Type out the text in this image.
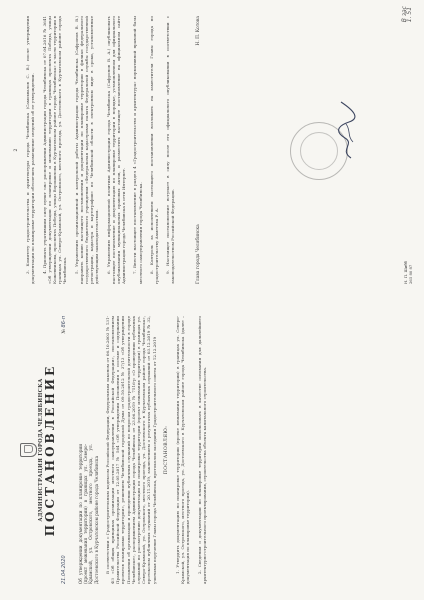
АДМИНИСТРАЦИЯ ГОРОДА ЧЕЛЯБИНСКА ПОСТАНОВЛЕНИЕ
21.04.2020
№ 86-п
Об утверждении документации по планировке территории (проект межевания территории) в границах ул. Северо-Крымской, ул. Островского, местного проезда, ул. Достоевского в Курчатовском районе города Челябинска В соответствии с Градостроительным кодексом Российской Федерации, Федеральным законом от 06.10.2003 № 131-ФЗ «Об общих принципах организации местного самоуправления в Российской Федерации», постановлением Правительства Российской Федерации от 12.05.2017 № 564 «Об утверждении Положения о составе и содержании проектов планировки территории», решением Челябинской городской Думы от 09.10.2012 № 37/13 «Об утверждении Положения об организации и проведении публичных слушаний по вопросам градостроительной деятельности в городе Челябинске», распоряжением Администрации города Челябинска от 23.06.2019 № 7516-р «О проведении публичных слушаний по рассмотрению документации по планировке территории (проект межевания территории) в границах ул. Северо-Крымской, ул. Островского, местного проезда, ул. Достоевского в Курчатовском районе города Челябинска», протоколом публичных слушаний от 20.11.2019, заключением о результатах публичных слушаний от 03.12.2019 № 32, учитывая поручение Главы города Челябинска, протоколом заседания Градостроительного совета от 12.12.2019 ПОСТАНОВЛЯЮ: 1. Утвердить документацию по планировке территории (проект межевания территории) в границах ул. Северо-Крымской, ул. Островского, местного проезда, ул. Достоевского в Курчатовском районе города Челябинска (далее – документация по планировке территории). 2. Сведения о документации по планировке территории использовать в качестве основания для дальнейшего архитектурно-строительного проектирования, строительства объекта капитального строительства.

2 3. Комитету градостроительства и архитектуры города Челябинска (Самохвалов С. В.) после утверждения документации по планировке территории обеспечить размещение сведений об ее утверждении. 4. Признать утратившим силу пункт «ж» распоряжения Администрации города Челябинска от 07.04.2016 № 3641 «Об утверждении документации по планировке и межеванию территории в границах проспекта Победы, улицы Кожевникова, проспекта Победы, улицы Ворошилова в Курчатовском районе города Челябинска» в части территории в границах ул. Северо-Крымской, ул. Островского, местного проезда, ул. Достоевского в Курчатовском районе города Челябинска. 5. Управлению организационной и контрольной работы Администрации города Челябинска (Сафронов В. В.) направить копию настоящего постановления и документации по планировке территории в филиал федерального государственного бюджетного учреждения «Федеральная кадастровая палата Федеральной службы государственной регистрации, кадастра и картографии» по Челябинской области в электронном виде в сроки, установленные действующим законодательством. 6. Управлению информационной политики Администрации города Челябинска (Сафронов В. А.) опубликовать настоящее постановление и документацию по планировке территории в порядке, установленном для официального опубликования муниципальных правовых актов, и разместить настоящее постановление на официальном сайте Администрации города Челябинска в сети Интернет. 7. Внести настоящее постановление в раздел 4 «Градостроительство и архитектура» нормативной правовой базы местного самоуправления города Челябинска. 8. Контроль за исполнением настоящего постановления возложить на заместителя Главы города по градостроительству Ахметова Р. А. 9. Настоящее постановление вступает в силу после его официального опубликования в соответствии с законодательством Российской Федерации.	Глава города Челябинска
Н. П. Котова
Н. П. Шибб 265 80 87
В зас
1. 51
